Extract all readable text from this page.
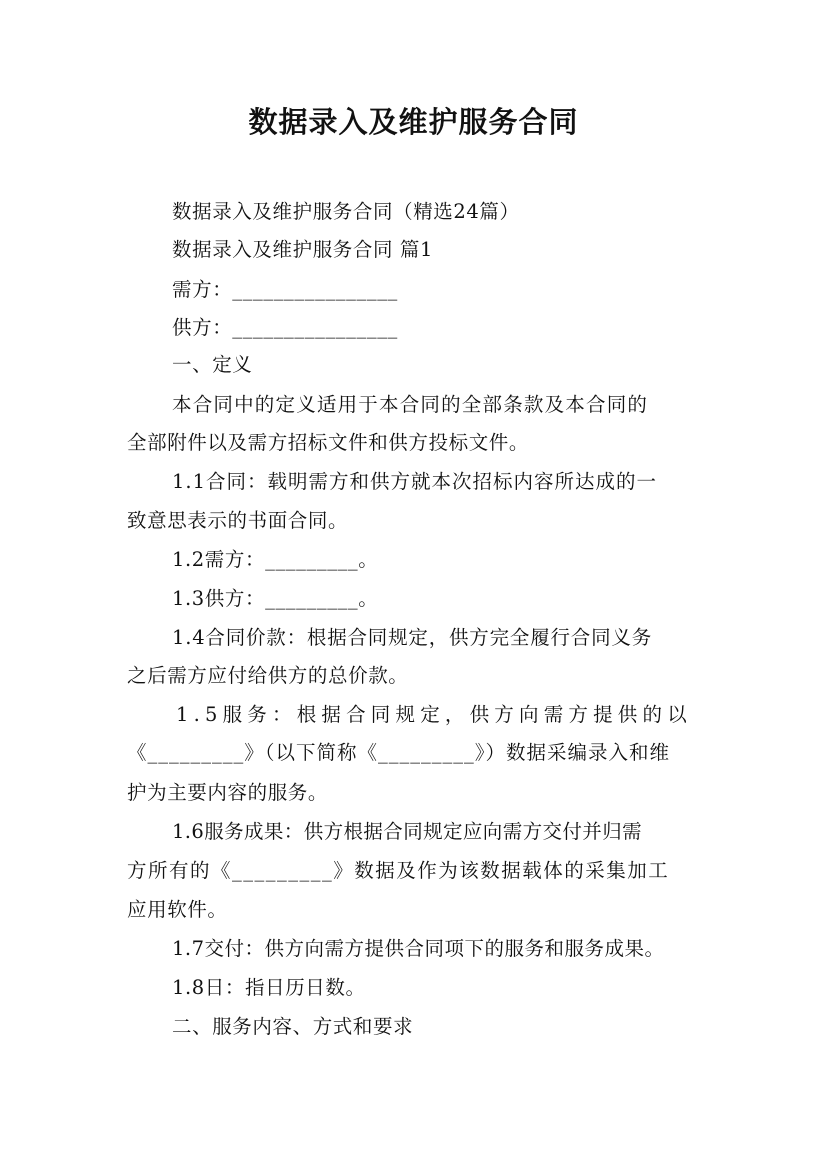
数据录入及维护服务合同
数据录入及维护服务合同（精选24篇）
数据录入及维护服务合同 篇1
需方：________________
供方：________________
一、定义
本合同中的定义适用于本合同的全部条款及本合同的
全部附件以及需方招标文件和供方投标文件。
1.1合同：载明需方和供方就本次招标内容所达成的一
致意思表示的书面合同。
1.2需方：_________。
1.3供方：_________。
1.4合同价款：根据合同规定，供方完全履行合同义务
之后需方应付给供方的总价款。
1.5服务：根据合同规定，供方向需方提供的以
《_________》（以下简称《_________》）数据采编录入和维
护为主要内容的服务。
1.6服务成果：供方根据合同规定应向需方交付并归需
方所有的《_________》数据及作为该数据载体的采集加工
应用软件。
1.7交付：供方向需方提供合同项下的服务和服务成果。
1.8日：指日历日数。
二、服务内容、方式和要求
